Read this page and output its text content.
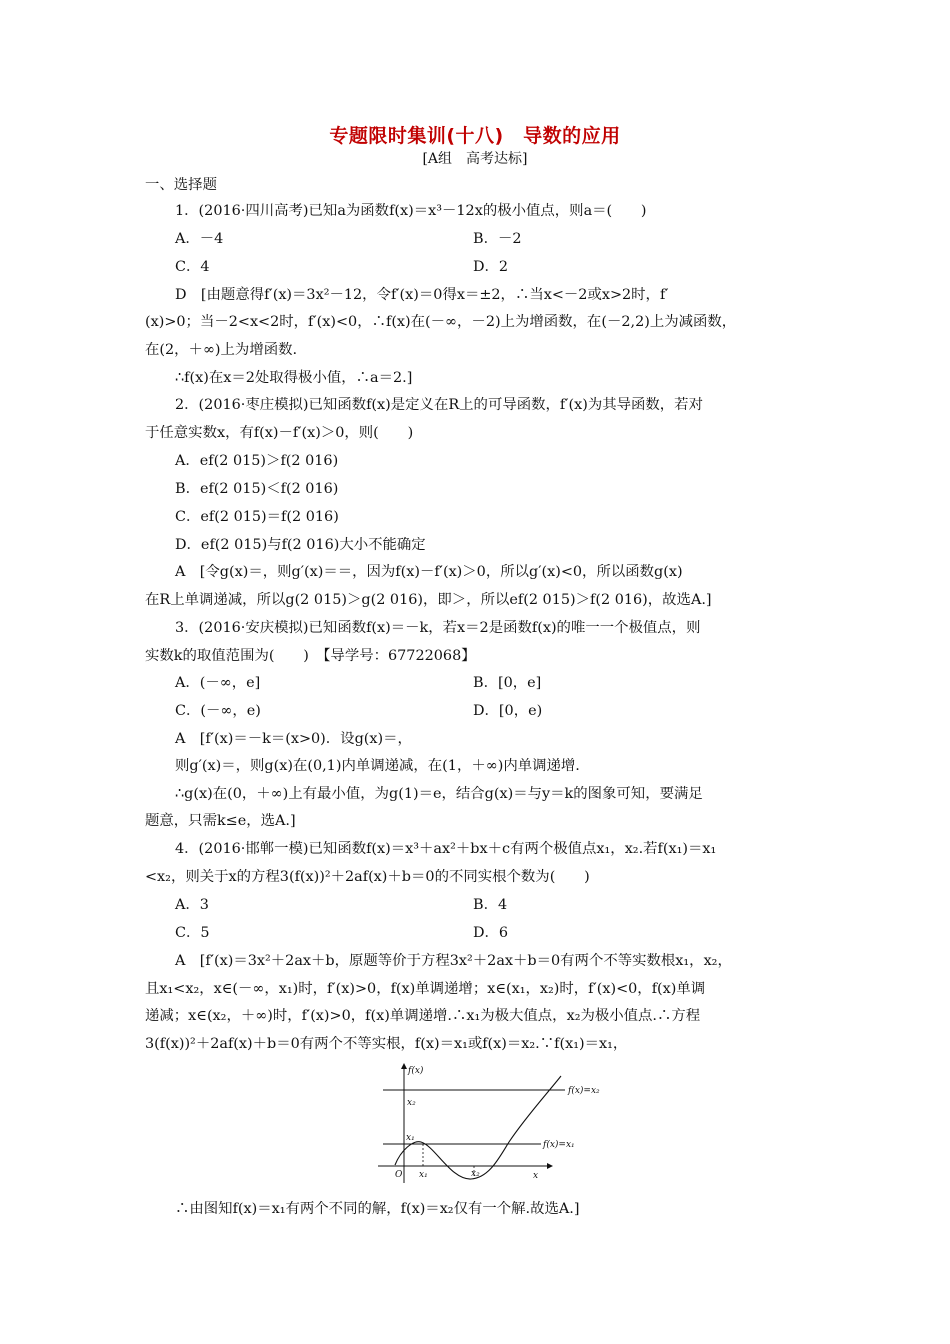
专题限时集训(十八)　导数的应用
[A组　高考达标]
一、选择题
1．(2016·四川高考)已知a为函数f(x)＝x³－12x的极小值点，则a＝(　　)
A．－4	B．－2
C．4	D．2
D　[由题意得f′(x)＝3x²－12，令f′(x)＝0得x＝±2，∴当x<－2或x>2时，f′
(x)>0；当－2<x<2时，f′(x)<0，∴f(x)在(－∞，－2)上为增函数，在(－2,2)上为减函数，
在(2，＋∞)上为增函数.
∴f(x)在x＝2处取得极小值，∴a＝2.]
2．(2016·枣庄模拟)已知函数f(x)是定义在R上的可导函数，f′(x)为其导函数，若对
于任意实数x，有f(x)－f′(x)＞0，则(　　)
A．ef(2 015)＞f(2 016)
B．ef(2 015)＜f(2 016)
C．ef(2 015)＝f(2 016)
D．ef(2 015)与f(2 016)大小不能确定
A　[令g(x)＝，则g′(x)＝＝，因为f(x)－f′(x)＞0，所以g′(x)<0，所以函数g(x)
在R上单调递减，所以g(2 015)＞g(2 016)，即＞，所以ef(2 015)＞f(2 016)，故选A.]
3．(2016·安庆模拟)已知函数f(x)＝－k，若x＝2是函数f(x)的唯一一个极值点，则
实数k的取值范围为(　　)　【导学号：67722068】
A．(－∞，e]	B．[0，e]
C．(－∞，e)	D．[0，e)
A　[f′(x)＝－k＝(x>0)．设g(x)＝，
则g′(x)＝，则g(x)在(0,1)内单调递减，在(1，＋∞)内单调递增.
∴g(x)在(0，＋∞)上有最小值，为g(1)＝e，结合g(x)＝与y＝k的图象可知，要满足
题意，只需k≤e，选A.]
4．(2016·邯郸一模)已知函数f(x)＝x³＋ax²＋bx＋c有两个极值点x₁，x₂.若f(x₁)＝x₁
<x₂，则关于x的方程3(f(x))²＋2af(x)＋b＝0的不同实根个数为(　　)
A．3	B．4
C．5	D．6
A　[f′(x)＝3x²＋2ax＋b，原题等价于方程3x²＋2ax＋b＝0有两个不等实数根x₁，x₂，
且x₁<x₂，x∈(－∞，x₁)时，f′(x)>0，f(x)单调递增；x∈(x₁，x₂)时，f′(x)<0，f(x)单调
递减；x∈(x₂，＋∞)时，f′(x)>0，f(x)单调递增.∴x₁为极大值点，x₂为极小值点.∴方程
3(f(x))²＋2af(x)＋b＝0有两个不等实根，f(x)＝x₁或f(x)＝x₂.∵f(x₁)＝x₁，
f(x)
x
O
f(x)=x₂
f(x)=x₁
x₂
x₁
x₁	x₂
∴由图知f(x)＝x₁有两个不同的解，f(x)＝x₂仅有一个解.故选A.]
